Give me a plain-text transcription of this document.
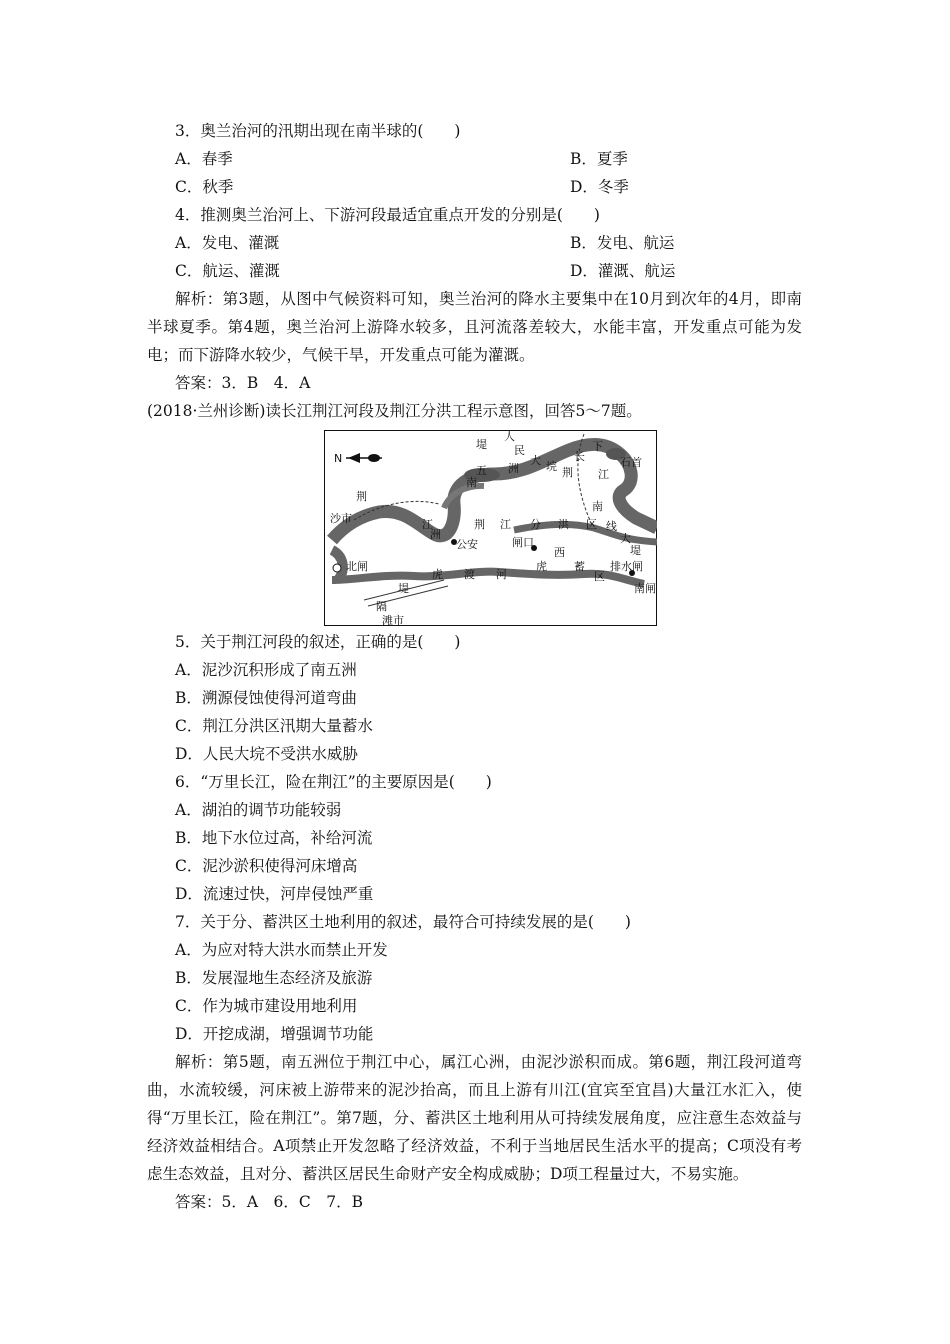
3．奥兰治河的汛期出现在南半球的(　　)
A．春季	B．夏季
C．秋季	D．冬季
4．推测奥兰治河上、下游河段最适宜重点开发的分别是(　　)
A．发电、灌溉	B．发电、航运
C．航运、灌溉	D．灌溉、航运
解析：第3题，从图中气候资料可知，奥兰治河的降水主要集中在10月到次年的4月，即南半球夏季。第4题，奥兰治河上游降水较多，且河流落差较大，水能丰富，开发重点可能为发电；而下游降水较少，气候干旱，开发重点可能为灌溉。
答案：3．B　4．A
(2018·兰州诊断)读长江荆江河段及荆江分洪工程示意图，回答5～7题。
N
堤
人
民
大 垸 荆
下
江
石首
五
南
洲
荆
沙市	江
洲
荆 江 分 洪 区
南
线
大
堤
公安	闸口
北闸
虎 渡 河
虎
西
蓄
区
排水闸
南闸
堤
隔
滩市
长
5．关于荆江河段的叙述，正确的是(　　)
A．泥沙沉积形成了南五洲
B．溯源侵蚀使得河道弯曲
C．荆江分洪区汛期大量蓄水
D．人民大垸不受洪水威胁
6．“万里长江，险在荆江”的主要原因是(　　)
A．湖泊的调节功能较弱
B．地下水位过高，补给河流
C．泥沙淤积使得河床增高
D．流速过快，河岸侵蚀严重
7．关于分、蓄洪区土地利用的叙述，最符合可持续发展的是(　　)
A．为应对特大洪水而禁止开发
B．发展湿地生态经济及旅游
C．作为城市建设用地利用
D．开挖成湖，增强调节功能
解析：第5题，南五洲位于荆江中心，属江心洲，由泥沙淤积而成。第6题，荆江段河道弯曲，水流较缓，河床被上游带来的泥沙抬高，而且上游有川江(宜宾至宜昌)大量江水汇入，使得“万里长江，险在荆江”。第7题，分、蓄洪区土地利用从可持续发展角度，应注意生态效益与经济效益相结合。A项禁止开发忽略了经济效益，不利于当地居民生活水平的提高；C项没有考虑生态效益，且对分、蓄洪区居民生命财产安全构成威胁；D项工程量过大，不易实施。
答案：5．A　6．C　7．B
